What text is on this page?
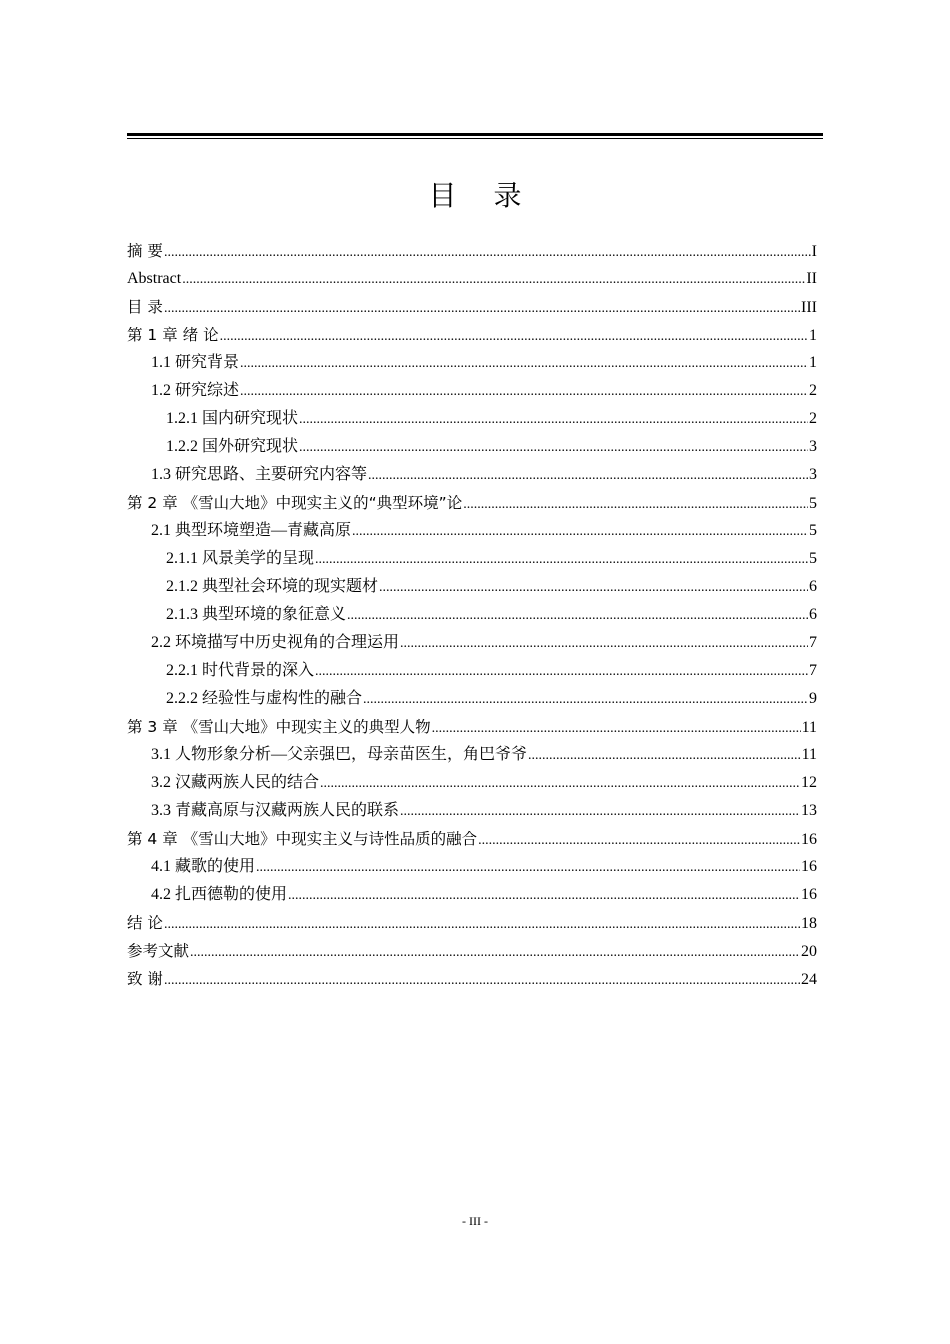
目 录
摘 要 .....	I
Abstract .....	II
目 录 .....	III
第 1 章 绪 论 .....	1
1.1 研究背景 .....	1
1.2 研究综述 .....	2
1.2.1 国内研究现状 .....	2
1.2.2 国外研究现状 .....	3
1.3 研究思路、主要研究内容等 .....	3
第 2 章 《雪山大地》中现实主义的“典型环境”论 .....	5
2.1 典型环境塑造—青藏高原 .....	5
2.1.1 风景美学的呈现 .....	5
2.1.2 典型社会环境的现实题材 .....	6
2.1.3 典型环境的象征意义 .....	6
2.2 环境描写中历史视角的合理运用 .....	7
2.2.1 时代背景的深入 .....	7
2.2.2 经验性与虚构性的融合 .....	9
第 3 章 《雪山大地》中现实主义的典型人物 .....	11
3.1 人物形象分析—父亲强巴，母亲苗医生，角巴爷爷 .....	11
3.2 汉藏两族人民的结合 .....	12
3.3 青藏高原与汉藏两族人民的联系 .....	13
第 4 章 《雪山大地》中现实主义与诗性品质的融合 .....	16
4.1 藏歌的使用 .....	16
4.2 扎西德勒的使用 .....	16
结 论 .....	18
参考文献 .....	20
致 谢 .....	24
- III -
